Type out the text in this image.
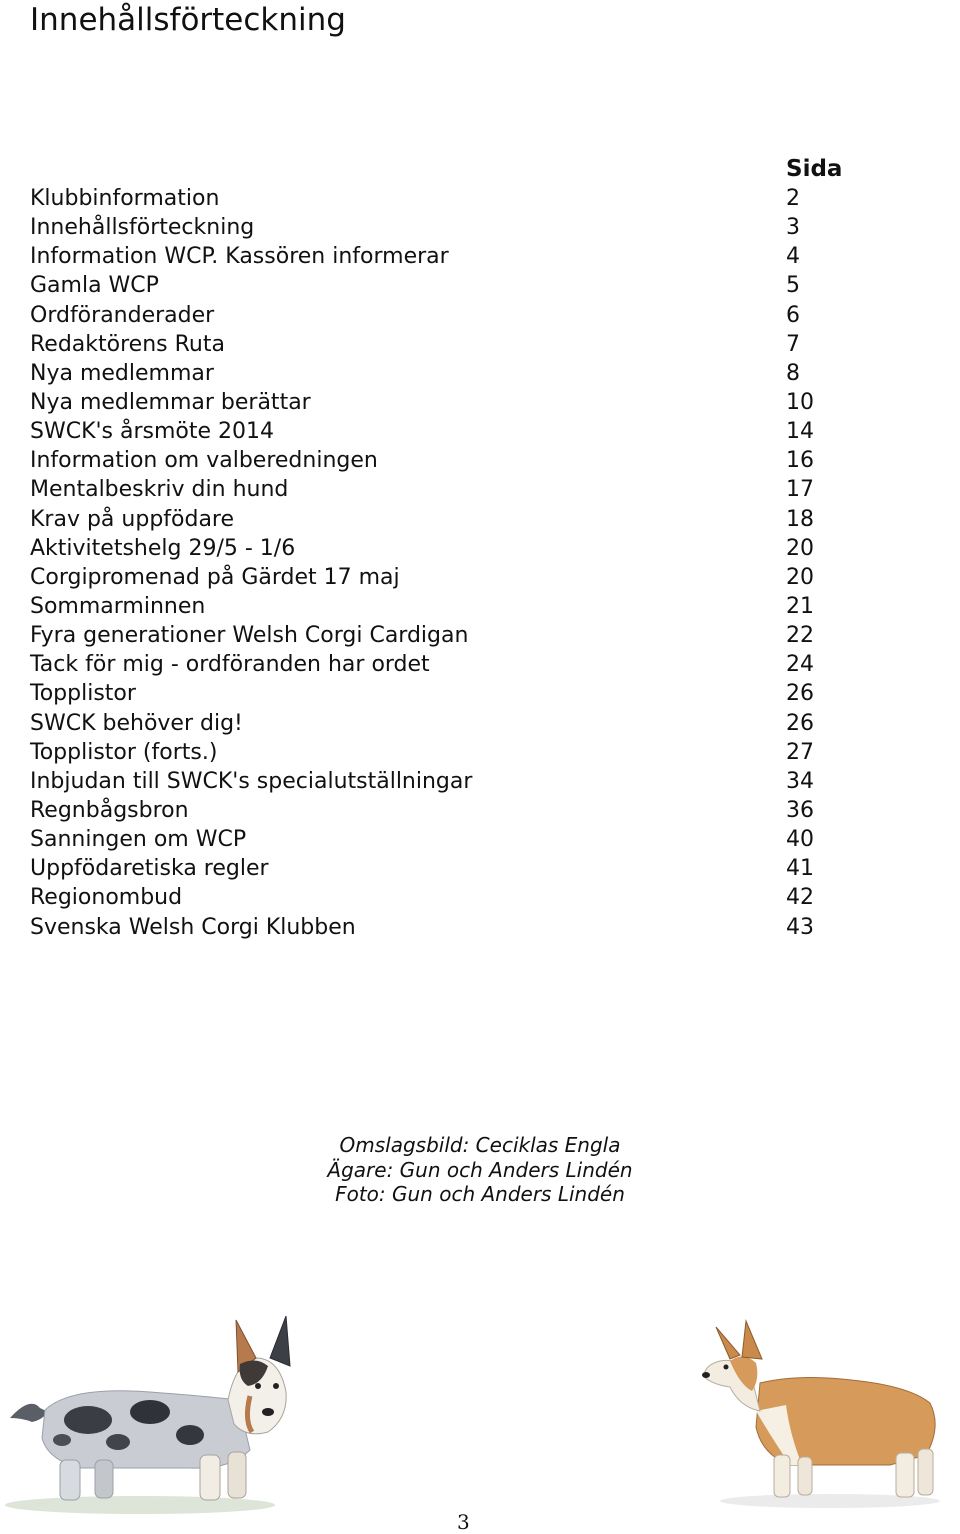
Innehållsförteckning
Sida
Klubbinformation	2
Innehållsförteckning	3
Information WCP. Kassören informerar	4
Gamla WCP	5
Ordföranderader	6
Redaktörens Ruta	7
Nya medlemmar	8
Nya medlemmar berättar	10
SWCK's årsmöte 2014	14
Information om valberedningen	16
Mentalbeskriv din hund	17
Krav på uppfödare	18
Aktivitetshelg 29/5 - 1/6	20
Corgipromenad på Gärdet 17 maj	20
Sommarminnen	21
Fyra generationer Welsh Corgi Cardigan	22
Tack för mig - ordföranden har ordet	24
Topplistor	26
SWCK behöver dig!	26
Topplistor (forts.)	27
Inbjudan till SWCK's specialutställningar	34
Regnbågsbron	36
Sanningen om WCP	40
Uppfödaretiska regler	41
Regionombud	42
Svenska Welsh Corgi Klubben	43
Omslagsbild: Ceciklas Engla
Ägare: Gun och Anders Lindén
Foto: Gun och Anders Lindén
3
